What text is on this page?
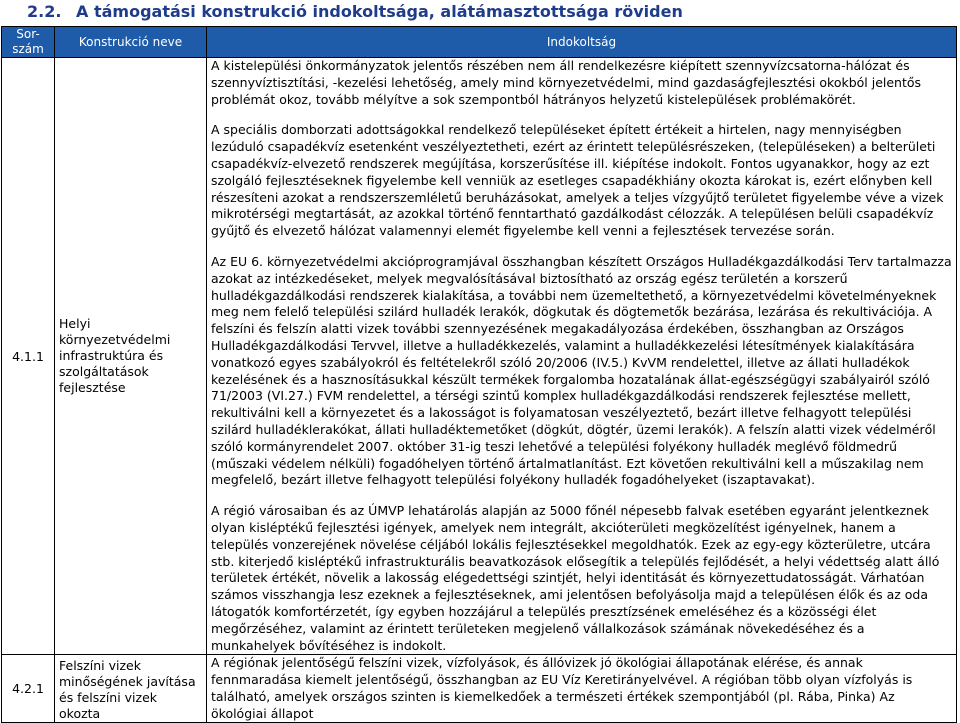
2.2. A támogatási konstrukció indokoltsága, alátámasztottsága röviden
Sor-
szám	Konstrukció neve	Indokoltság
4.1.1	Helyi környezetvédelmi infrastruktúra és szolgáltatások fejlesztése	A kistelepülési önkormányzatok jelentős részében nem áll rendelkezésre kiépített szennyvízcsatorna-hálózat és szennyvíztisztítási, -kezelési lehetőség, amely mind környezetvédelmi, mind gazdaságfejlesztési okokból jelentős problémát okoz, tovább mélyítve a sok szempontból hátrányos helyzetű kistelepülések problémakörét.

A speciális domborzati adottságokkal rendelkező településeket épített értékeit a hirtelen, nagy mennyiségben lezúduló csapadékvíz esetenként veszélyeztetheti, ezért az érintett településrészeken, (településeken) a belterületi csapadékvíz-elvezető rendszerek megújítása, korszerűsítése ill. kiépítése indokolt. Fontos ugyanakkor, hogy az ezt szolgáló fejlesztéseknek figyelembe kell venniük az esetleges csapadékhiány okozta károkat is, ezért előnyben kell részesíteni azokat a rendszerszemléletű beruházásokat, amelyek a teljes vízgyűjtő területet figyelembe véve a vizek mikrotérségi megtartását, az azokkal történő fenntartható gazdálkodást célozzák. A településen belüli csapadékvíz gyűjtő és elvezető hálózat valamennyi elemét figyelembe kell venni a fejlesztések tervezése során.

Az EU 6. környezetvédelmi akcióprogramjával összhangban készített Országos Hulladékgazdálkodási Terv tartalmazza azokat az intézkedéseket, melyek megvalósításával biztosítható az ország egész területén a korszerű hulladékgazdálkodási rendszerek kialakítása, a további nem üzemeltethető, a környezetvédelmi követelményeknek meg nem felelő települési szilárd hulladék lerakók, dögkutak és dögtemetők bezárása, lezárása és rekultivációja. A felszíni és felszín alatti vizek további szennyezésének megakadályozása érdekében, összhangban az Országos Hulladékgazdálkodási Tervvel, illetve a hulladékkezelés, valamint a hulladékkezelési létesítmények kialakítására vonatkozó egyes szabályokról és feltételekről szóló 20/2006 (IV.5.) KvVM rendelettel, illetve az állati hulladékok kezelésének és a hasznosításukkal készült termékek forgalomba hozatalának állat-egészségügyi szabályairól szóló 71/2003 (VI.27.) FVM rendelettel, a térségi szintű komplex hulladékgazdálkodási rendszerek fejlesztése mellett, rekultiválni kell a környezetet és a lakosságot is folyamatosan veszélyeztető, bezárt illetve felhagyott települési szilárd hulladéklerakókat, állati hulladéktemetőket (dögkút, dögtér, üzemi lerakók). A felszín alatti vizek védelméről szóló kormányrendelet 2007. október 31-ig teszi lehetővé a települési folyékony hulladék meglévő földmedrű (műszaki védelem nélküli) fogadóhelyen történő ártalmatlanítást. Ezt követően rekultiválni kell a műszakilag nem megfelelő, bezárt illetve felhagyott települési folyékony hulladék fogadóhelyeket (iszaptavakat).

A régió városaiban és az ÚMVP lehatárolás alapján az 5000 főnél népesebb falvak esetében egyaránt jelentkeznek olyan kisléptékű fejlesztési igények, amelyek nem integrált, akcióterületi megközelítést igényelnek, hanem a település vonzerejének növelése céljából lokális fejlesztésekkel megoldhatók. Ezek az egy-egy közterületre, utcára stb. kiterjedő kisléptékű infrastrukturális beavatkozások elősegítik a település fejlődését, a helyi védettség alatt álló területek értékét, növelik a lakosság elégedettségi szintjét, helyi identitását és környezettudatosságát. Várhatóan számos visszhangja lesz ezeknek a fejlesztéseknek, ami jelentősen befolyásolja majd a településen élők és az oda látogatók komfortérzetét, így egyben hozzájárul a település presztízsének emeléséhez és a közösségi élet megőrzéséhez, valamint az érintett területeken megjelenő vállalkozások számának növekedéséhez és a munkahelyek bővítéséhez is indokolt.

4.2.1	Felszíni vizek minőségének javítása és felszíni vizek okozta	A régiónak jelentőségű felszíni vizek, vízfolyások, és állóvizek jó ökológiai állapotának elérése, és annak fennmaradása kiemelt jelentőségű, összhangban az EU Víz Keretirányelvével. A régióban több olyan vízfolyás is található, amelyek országos szinten is kiemelkedőek a természeti értékek szempontjából (pl. Rába, Pinka) Az ökológiai állapot
